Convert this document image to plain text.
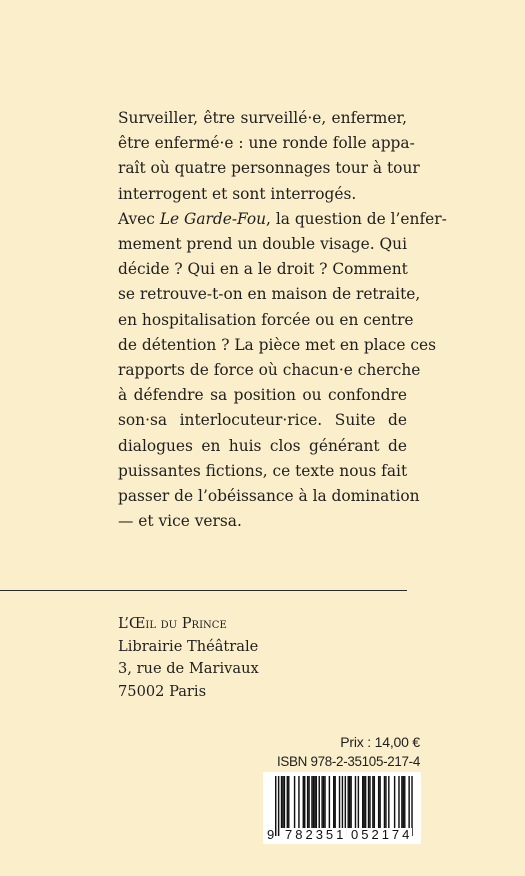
Surveiller, être surveillé·e, enfermer,
être enfermé·e : une ronde folle appa-
raît où quatre personnages tour à tour
interrogent et sont interrogés.
Avec Le Garde-Fou, la question de l’enfer-
mement prend un double visage. Qui
décide ? Qui en a le droit ? Comment
se retrouve-t-on en maison de retraite,
en hospitalisation forcée ou en centre
de détention ? La pièce met en place ces
rapports de force où chacun·e cherche
à défendre sa position ou confondre
son·sa interlocuteur·rice. Suite de
dialogues en huis clos générant de
puissantes fictions, ce texte nous fait
passer de l’obéissance à la domination
— et vice versa.
L’Œil du Prince
Librairie Théâtrale
3, rue de Marivaux
75002 Paris
Prix : 14,00 €
ISBN 978-2-35105-217-4
9 782351 052174
